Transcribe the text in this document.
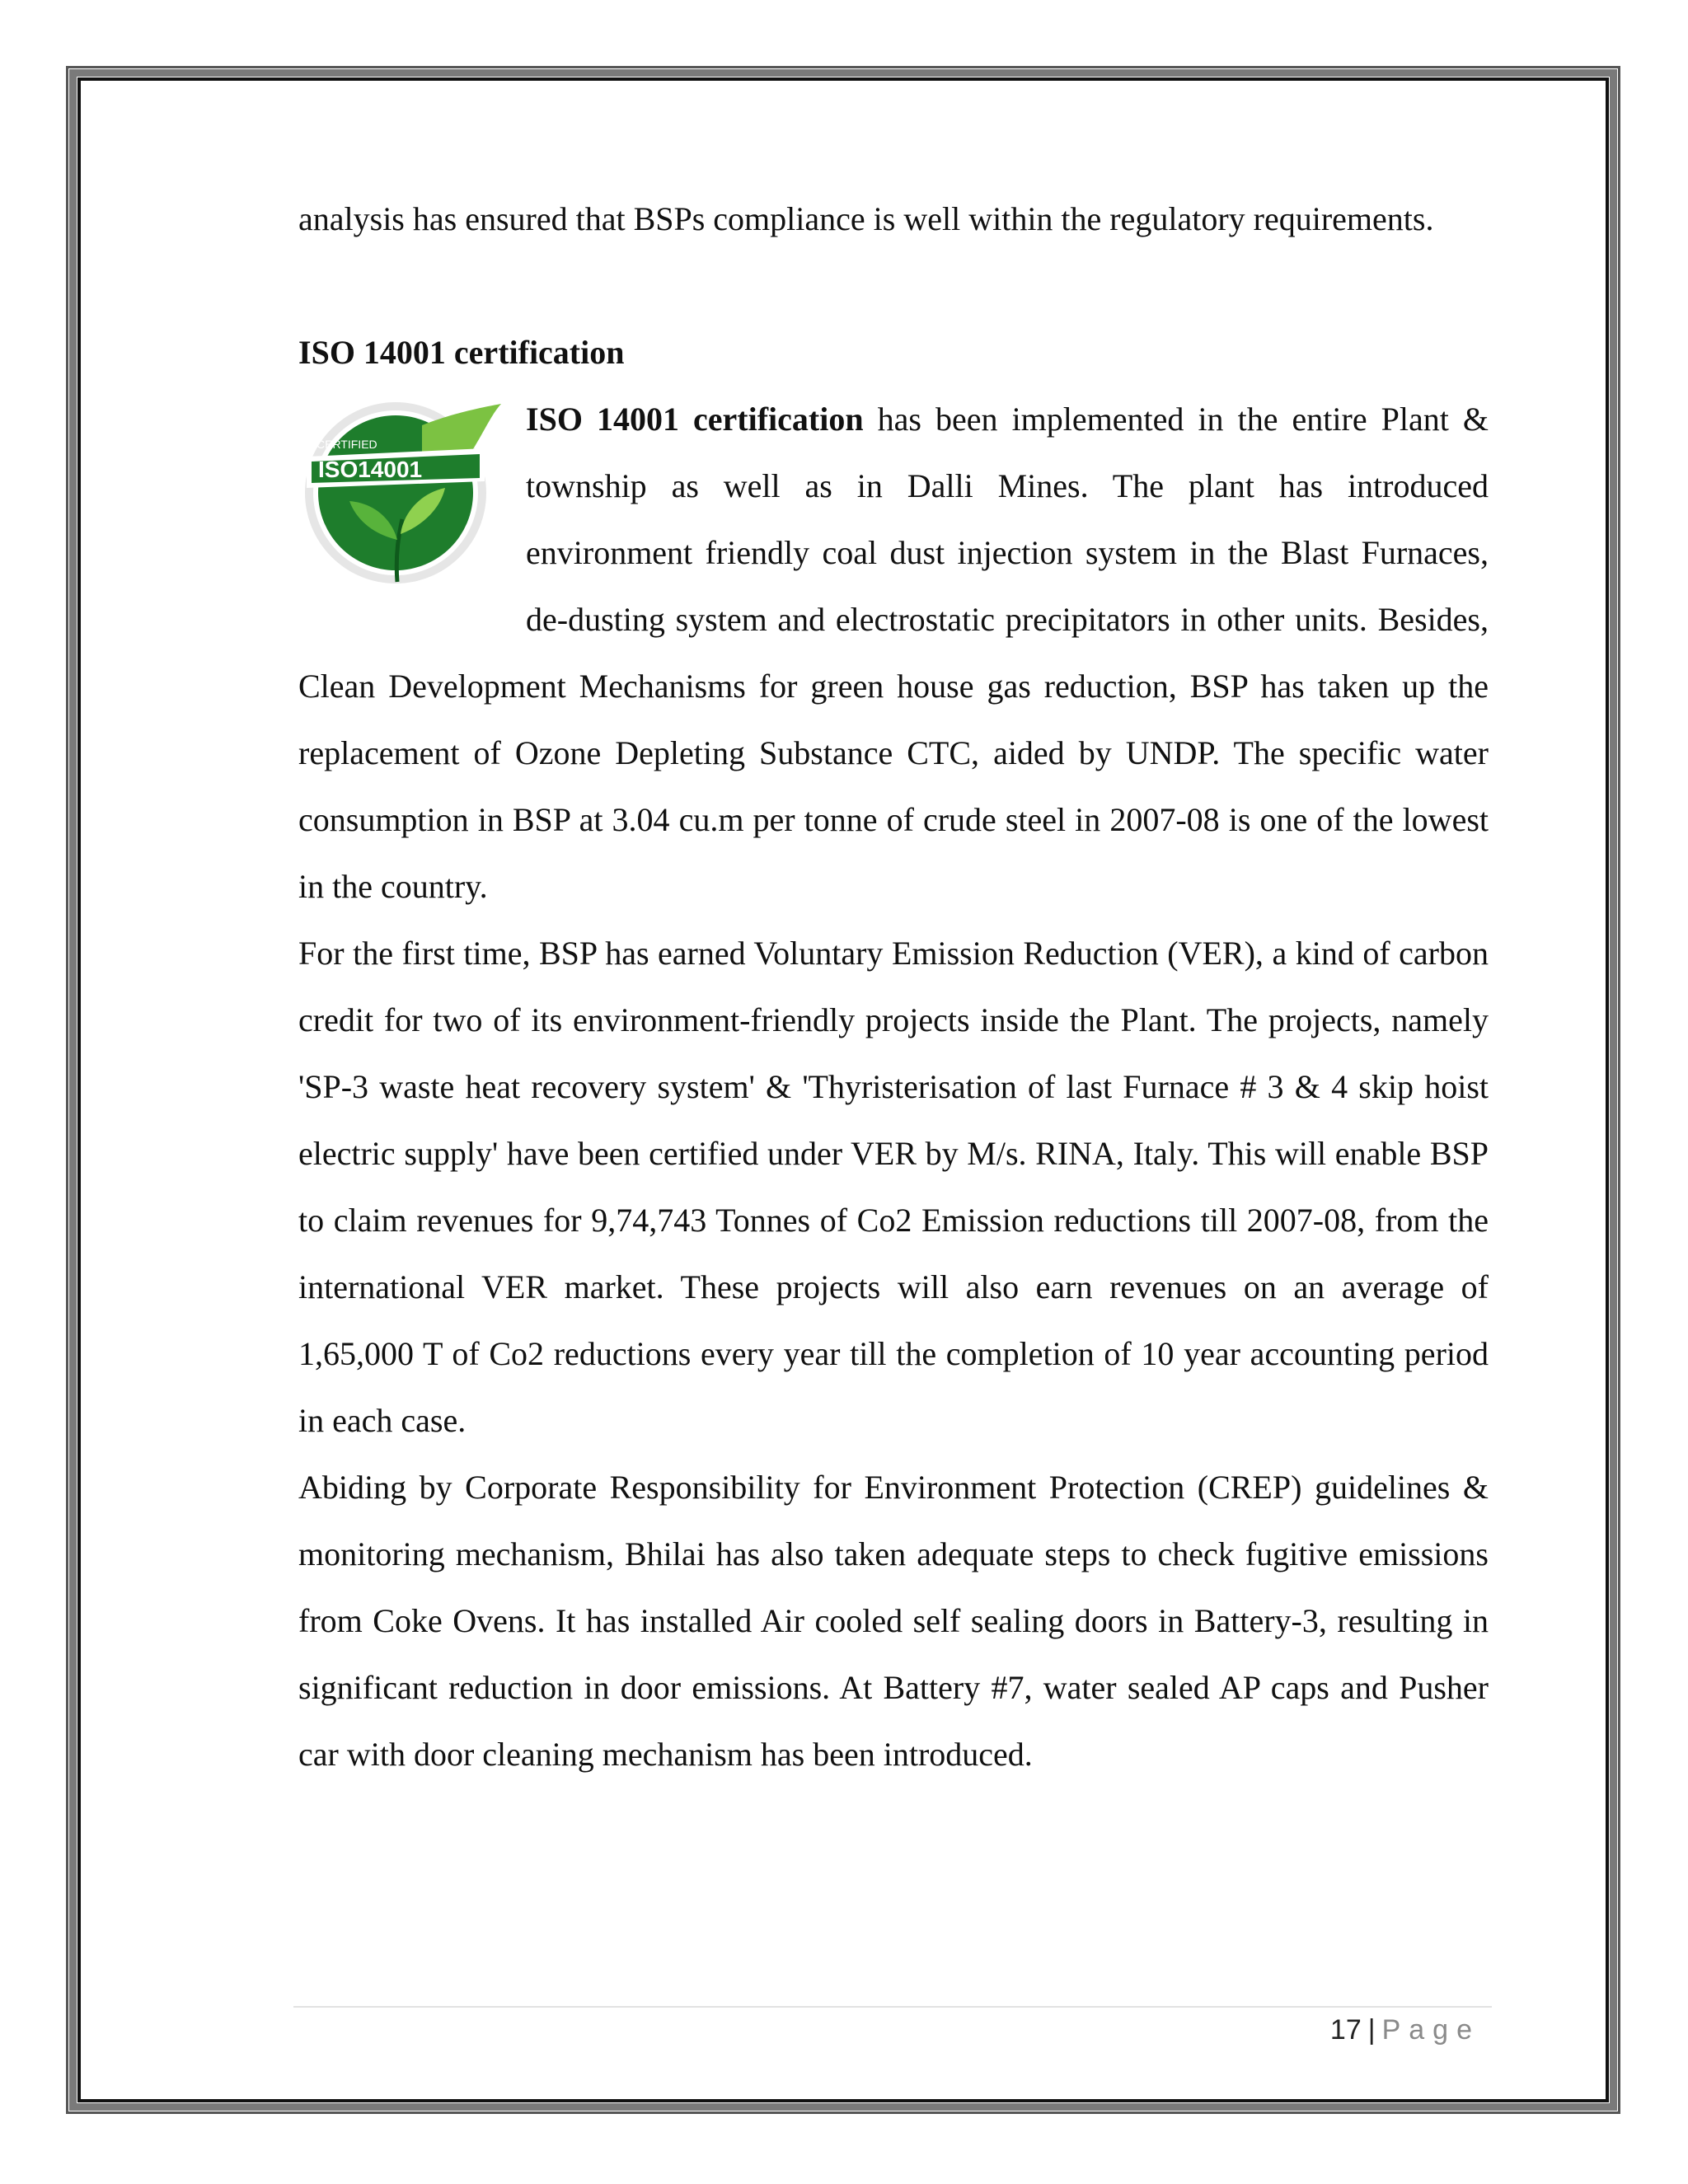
analysis has ensured that BSPs compliance is well within the regulatory requirements.

ISO 14001 certification

CERTIFIED
ISO14001

ISO 14001 certification has been implemented in the entire Plant & township as well as in Dalli Mines. The plant has introduced environment friendly coal dust injection system in the Blast Furnaces, de-dusting system and electrostatic precipitators in other units. Besides, Clean Development Mechanisms for green house gas reduction, BSP has taken up the replacement of Ozone Depleting Substance CTC, aided by UNDP. The specific water consumption in BSP at 3.04 cu.m per tonne of crude steel in 2007-08 is one of the lowest in the country.

For the first time, BSP has earned Voluntary Emission Reduction (VER), a kind of carbon credit for two of its environment-friendly projects inside the Plant. The projects, namely 'SP-3 waste heat recovery system' & 'Thyristerisation of last Furnace # 3 & 4 skip hoist electric supply' have been certified under VER by M/s. RINA, Italy. This will enable BSP to claim revenues for 9,74,743 Tonnes of Co2 Emission reductions till 2007-08, from the international VER market. These projects will also earn revenues on an average of 1,65,000 T of Co2 reductions every year till the completion of 10 year accounting period in each case.

Abiding by Corporate Responsibility for Environment Protection (CREP) guidelines & monitoring mechanism, Bhilai has also taken adequate steps to check fugitive emissions from Coke Ovens. It has installed Air cooled self sealing doors in Battery-3, resulting in significant reduction in door emissions. At Battery #7, water sealed AP caps and Pusher car with door cleaning mechanism has been introduced.

17 | Page
